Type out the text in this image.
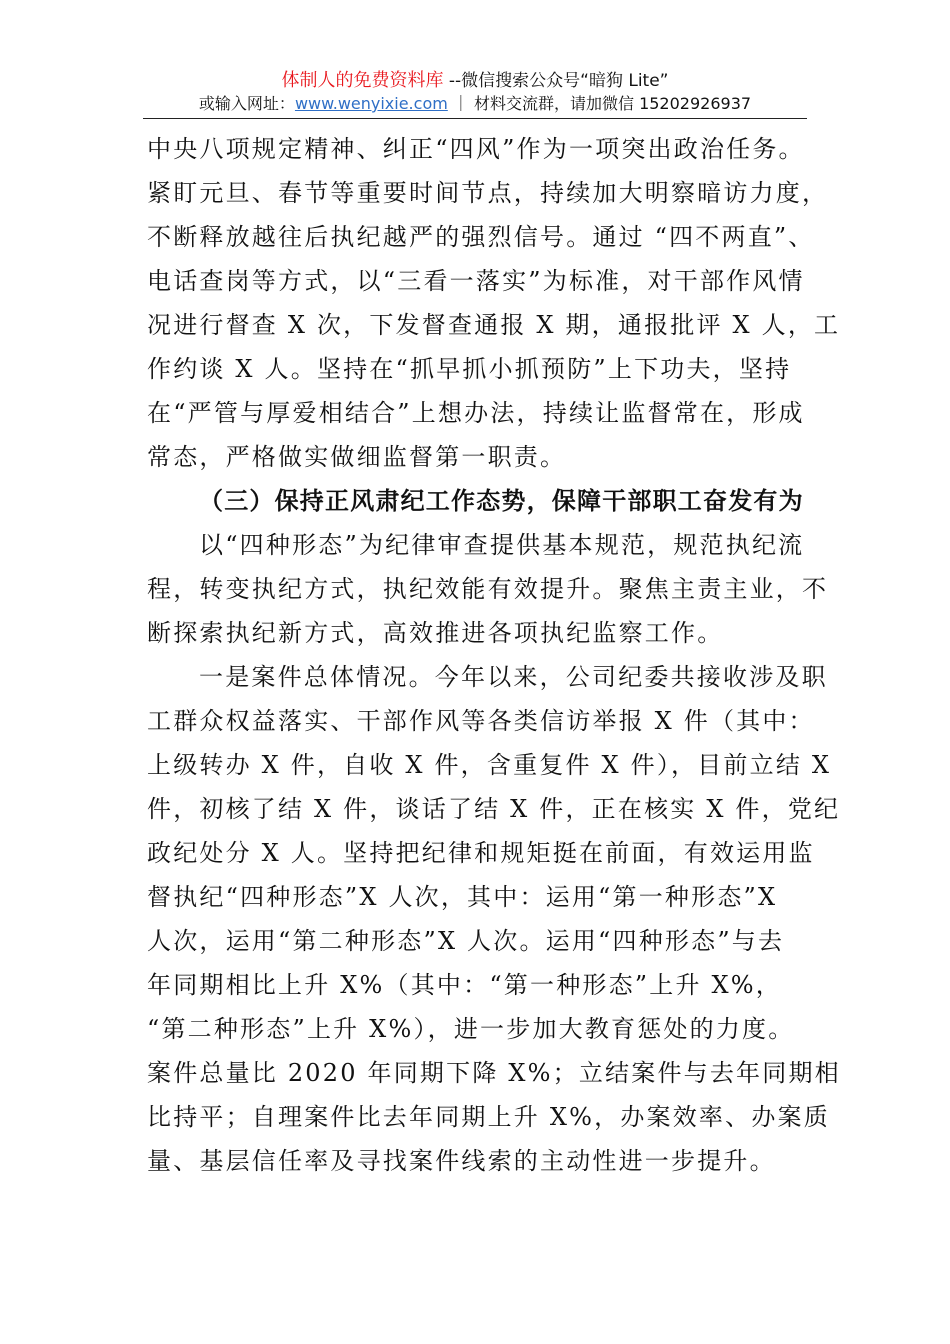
体制人的免费资料库 --微信搜索公众号“暗狗 Lite”
或输入网址：www.wenyixie.com ｜ 材料交流群，请加微信 15202926937
中央八项规定精神、纠正“四风”作为一项突出政治任务。
紧盯元旦、春节等重要时间节点，持续加大明察暗访力度，
不断释放越往后执纪越严的强烈信号。通过 “四不两直”、
电话查岗等方式，以“三看一落实”为标准，对干部作风情
况进行督查 X 次，下发督查通报 X 期，通报批评 X 人，工
作约谈 X 人。坚持在“抓早抓小抓预防”上下功夫，坚持
在“严管与厚爱相结合”上想办法，持续让监督常在，形成
常态，严格做实做细监督第一职责。
（三）保持正风肃纪工作态势，保障干部职工奋发有为
以“四种形态”为纪律审查提供基本规范，规范执纪流
程，转变执纪方式，执纪效能有效提升。聚焦主责主业，不
断探索执纪新方式，高效推进各项执纪监察工作。
一是案件总体情况。今年以来，公司纪委共接收涉及职
工群众权益落实、干部作风等各类信访举报 X 件（其中：
上级转办 X 件，自收 X 件，含重复件 X 件），目前立结 X
件，初核了结 X 件，谈话了结 X 件，正在核实 X 件，党纪
政纪处分 X 人。坚持把纪律和规矩挺在前面，有效运用监
督执纪“四种形态”X 人次，其中：运用“第一种形态”X
人次，运用“第二种形态”X 人次。运用“四种形态”与去
年同期相比上升 X%（其中：“第一种形态”上升 X%，
“第二种形态”上升 X%），进一步加大教育惩处的力度。
案件总量比 2020 年同期下降 X%；立结案件与去年同期相
比持平；自理案件比去年同期上升 X%，办案效率、办案质
量、基层信任率及寻找案件线索的主动性进一步提升。
